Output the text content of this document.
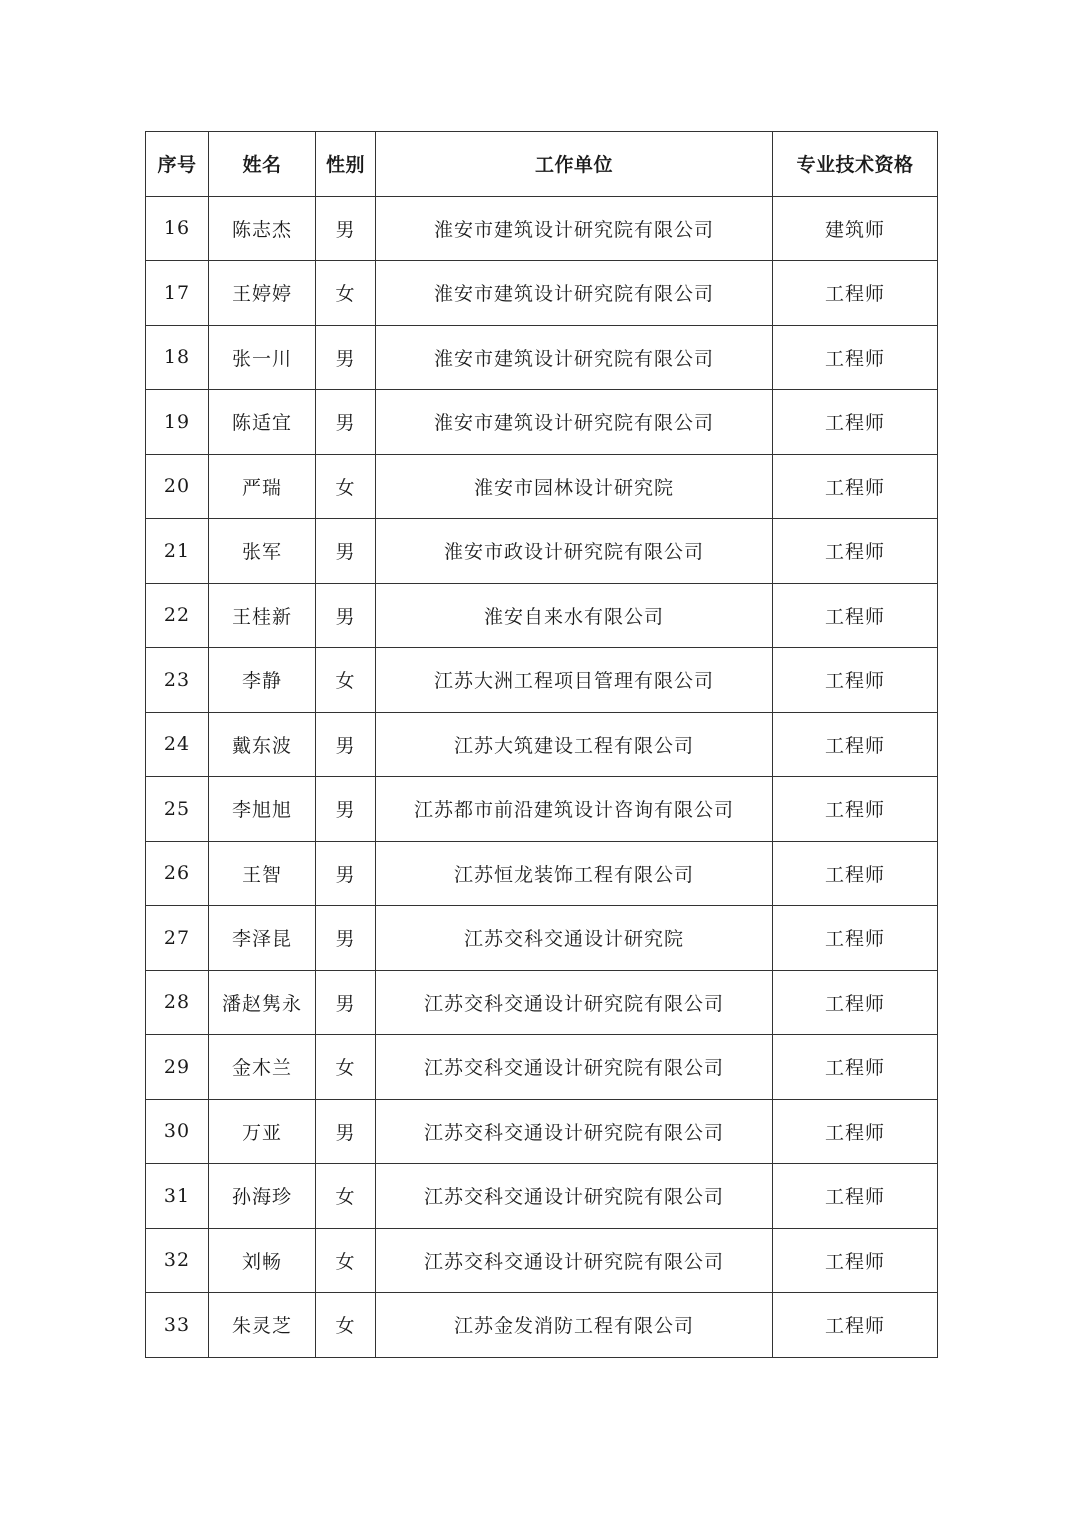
序号	姓名	性别	工作单位	专业技术资格
16	陈志杰	男	淮安市建筑设计研究院有限公司	建筑师
17	王婷婷	女	淮安市建筑设计研究院有限公司	工程师
18	张一川	男	淮安市建筑设计研究院有限公司	工程师
19	陈适宜	男	淮安市建筑设计研究院有限公司	工程师
20	严瑞	女	淮安市园林设计研究院	工程师
21	张军	男	淮安市政设计研究院有限公司	工程师
22	王桂新	男	淮安自来水有限公司	工程师
23	李静	女	江苏大洲工程项目管理有限公司	工程师
24	戴东波	男	江苏大筑建设工程有限公司	工程师
25	李旭旭	男	江苏都市前沿建筑设计咨询有限公司	工程师
26	王智	男	江苏恒龙装饰工程有限公司	工程师
27	李泽昆	男	江苏交科交通设计研究院	工程师
28	潘赵隽永	男	江苏交科交通设计研究院有限公司	工程师
29	金木兰	女	江苏交科交通设计研究院有限公司	工程师
30	万亚	男	江苏交科交通设计研究院有限公司	工程师
31	孙海珍	女	江苏交科交通设计研究院有限公司	工程师
32	刘畅	女	江苏交科交通设计研究院有限公司	工程师
33	朱灵芝	女	江苏金发消防工程有限公司	工程师
